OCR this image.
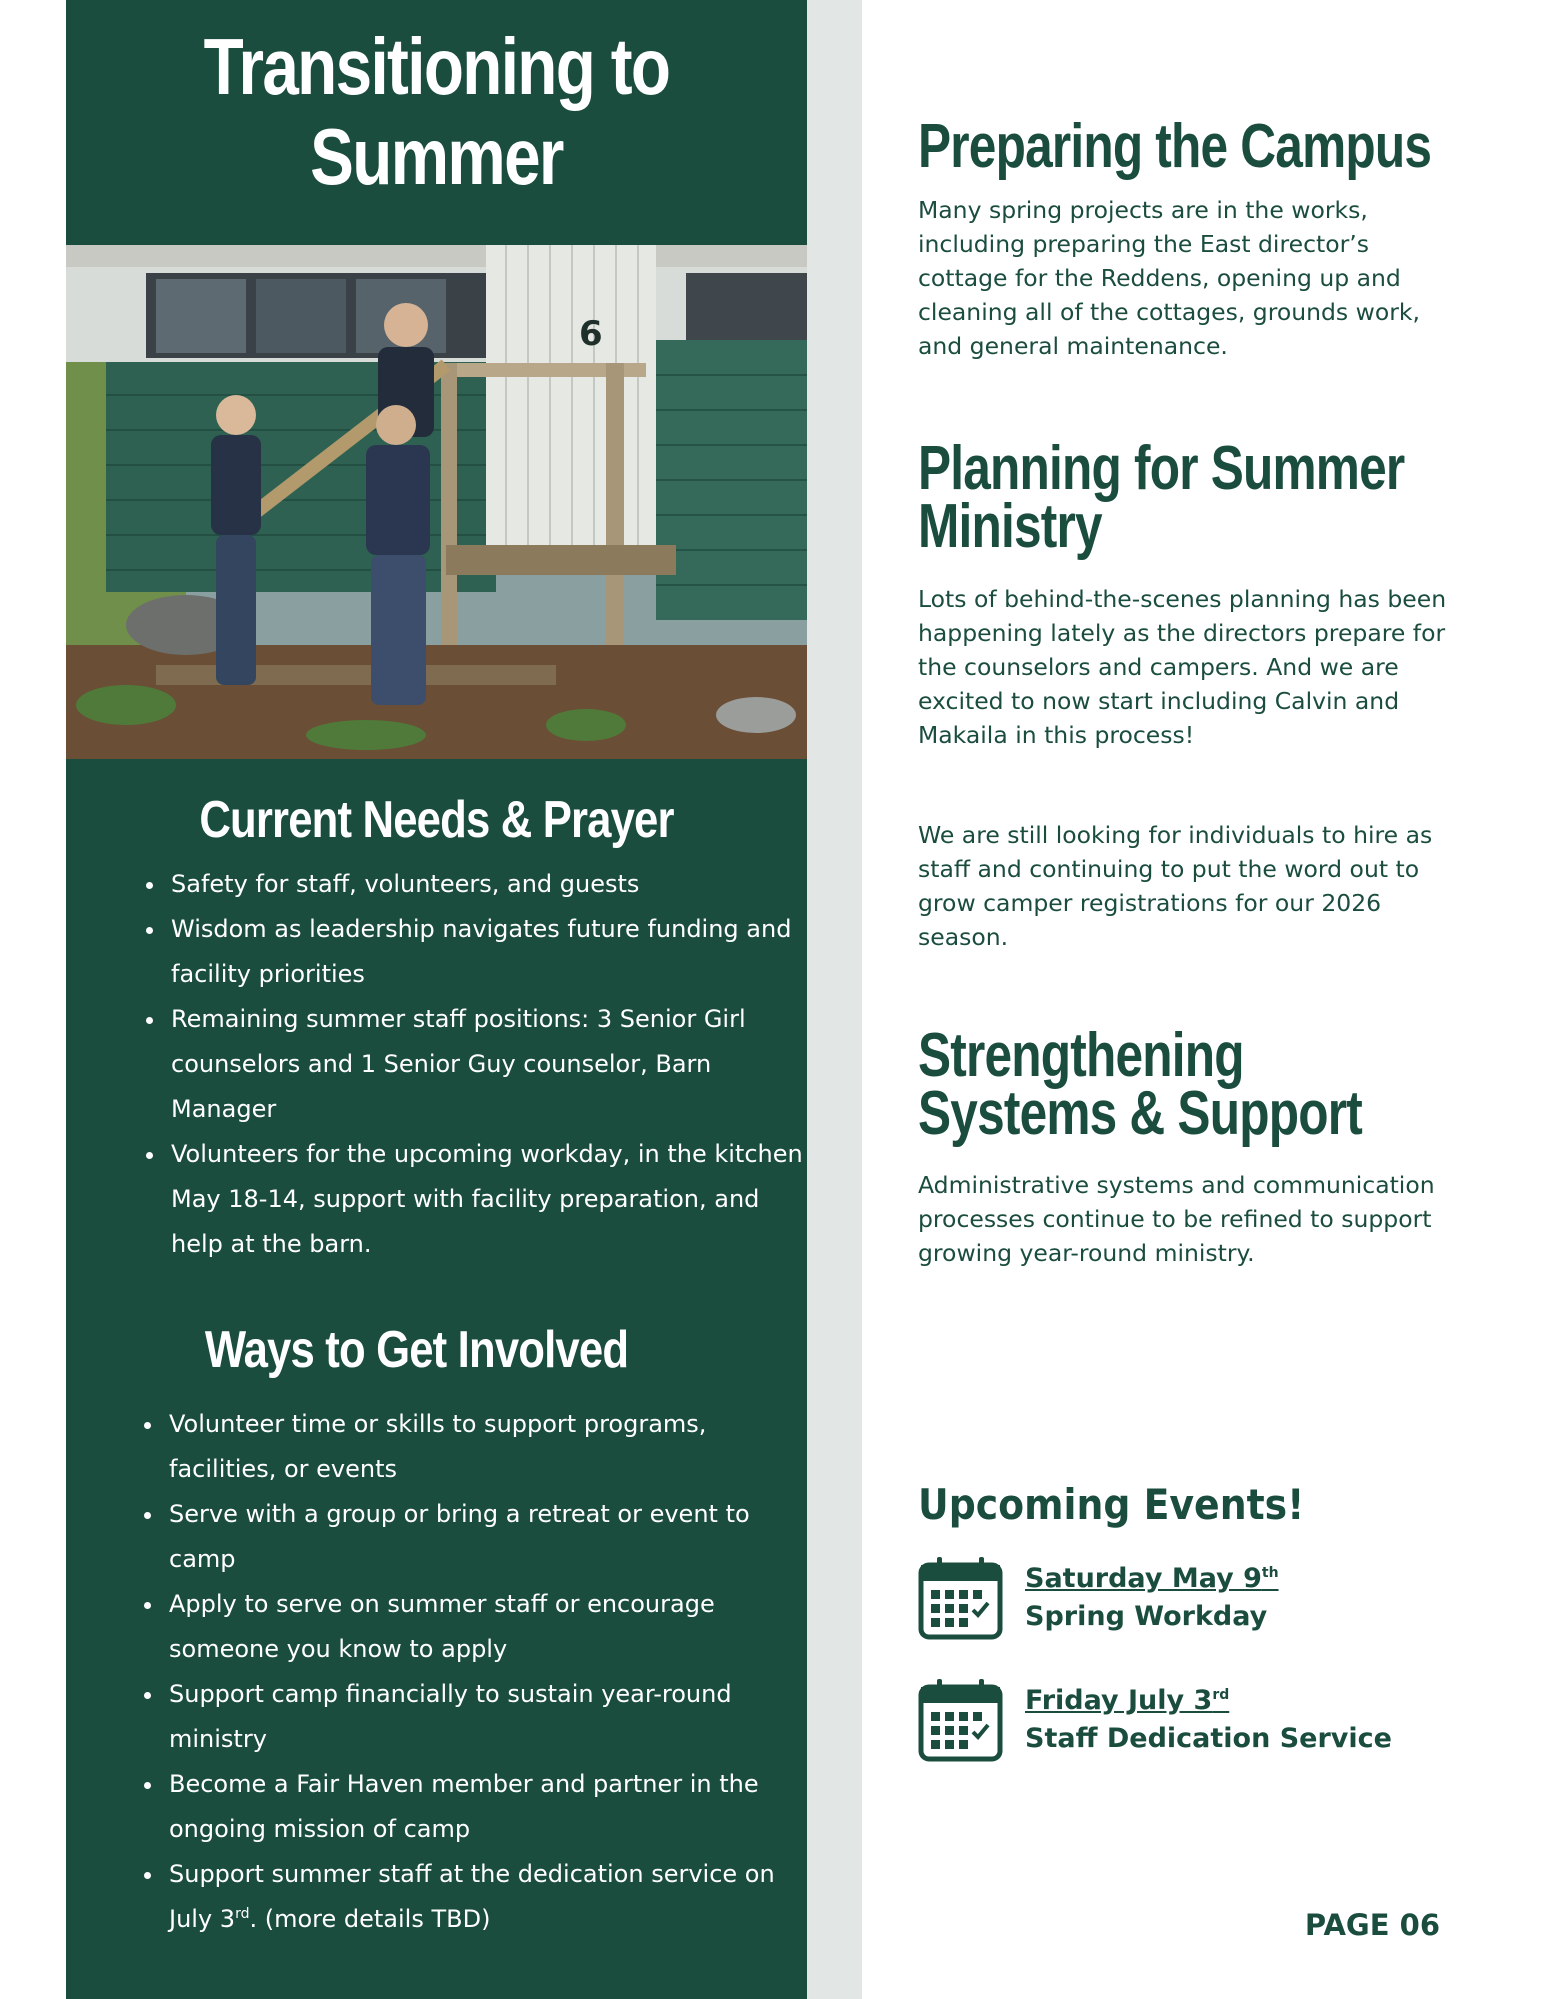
Transitioning to
Summer
6
Current Needs & Prayer
• Safety for staff, volunteers, and guests
• Wisdom as leadership navigates future funding and facility priorities
• Remaining summer staff positions: 3 Senior Girl counselors and 1 Senior Guy counselor, Barn Manager
• Volunteers for the upcoming workday, in the kitchen May 18-14, support with facility preparation, and help at the barn.
Ways to Get Involved
• Volunteer time or skills to support programs, facilities, or events
• Serve with a group or bring a retreat or event to camp
• Apply to serve on summer staff or encourage someone you know to apply
• Support camp financially to sustain year-round ministry
• Become a Fair Haven member and partner in the ongoing mission of camp
• Support summer staff at the dedication service on July 3rd. (more details TBD)
Preparing the Campus

Many spring projects are in the works, including preparing the East director’s cottage for the Reddens, opening up and cleaning all of the cottages, grounds work, and general maintenance.

Planning for Summer
Ministry

Lots of behind-the-scenes planning has been happening lately as the directors prepare for the counselors and campers. And we are excited to now start including Calvin and Makaila in this process!

We are still looking for individuals to hire as staff and continuing to put the word out to grow camper registrations for our 2026 season.

Strengthening
Systems & Support

Administrative systems and communication processes continue to be refined to support growing year-round ministry.

Upcoming Events!
Saturday May 9th
Spring Workday
Friday July 3rd
Staff Dedication Service
PAGE 06
